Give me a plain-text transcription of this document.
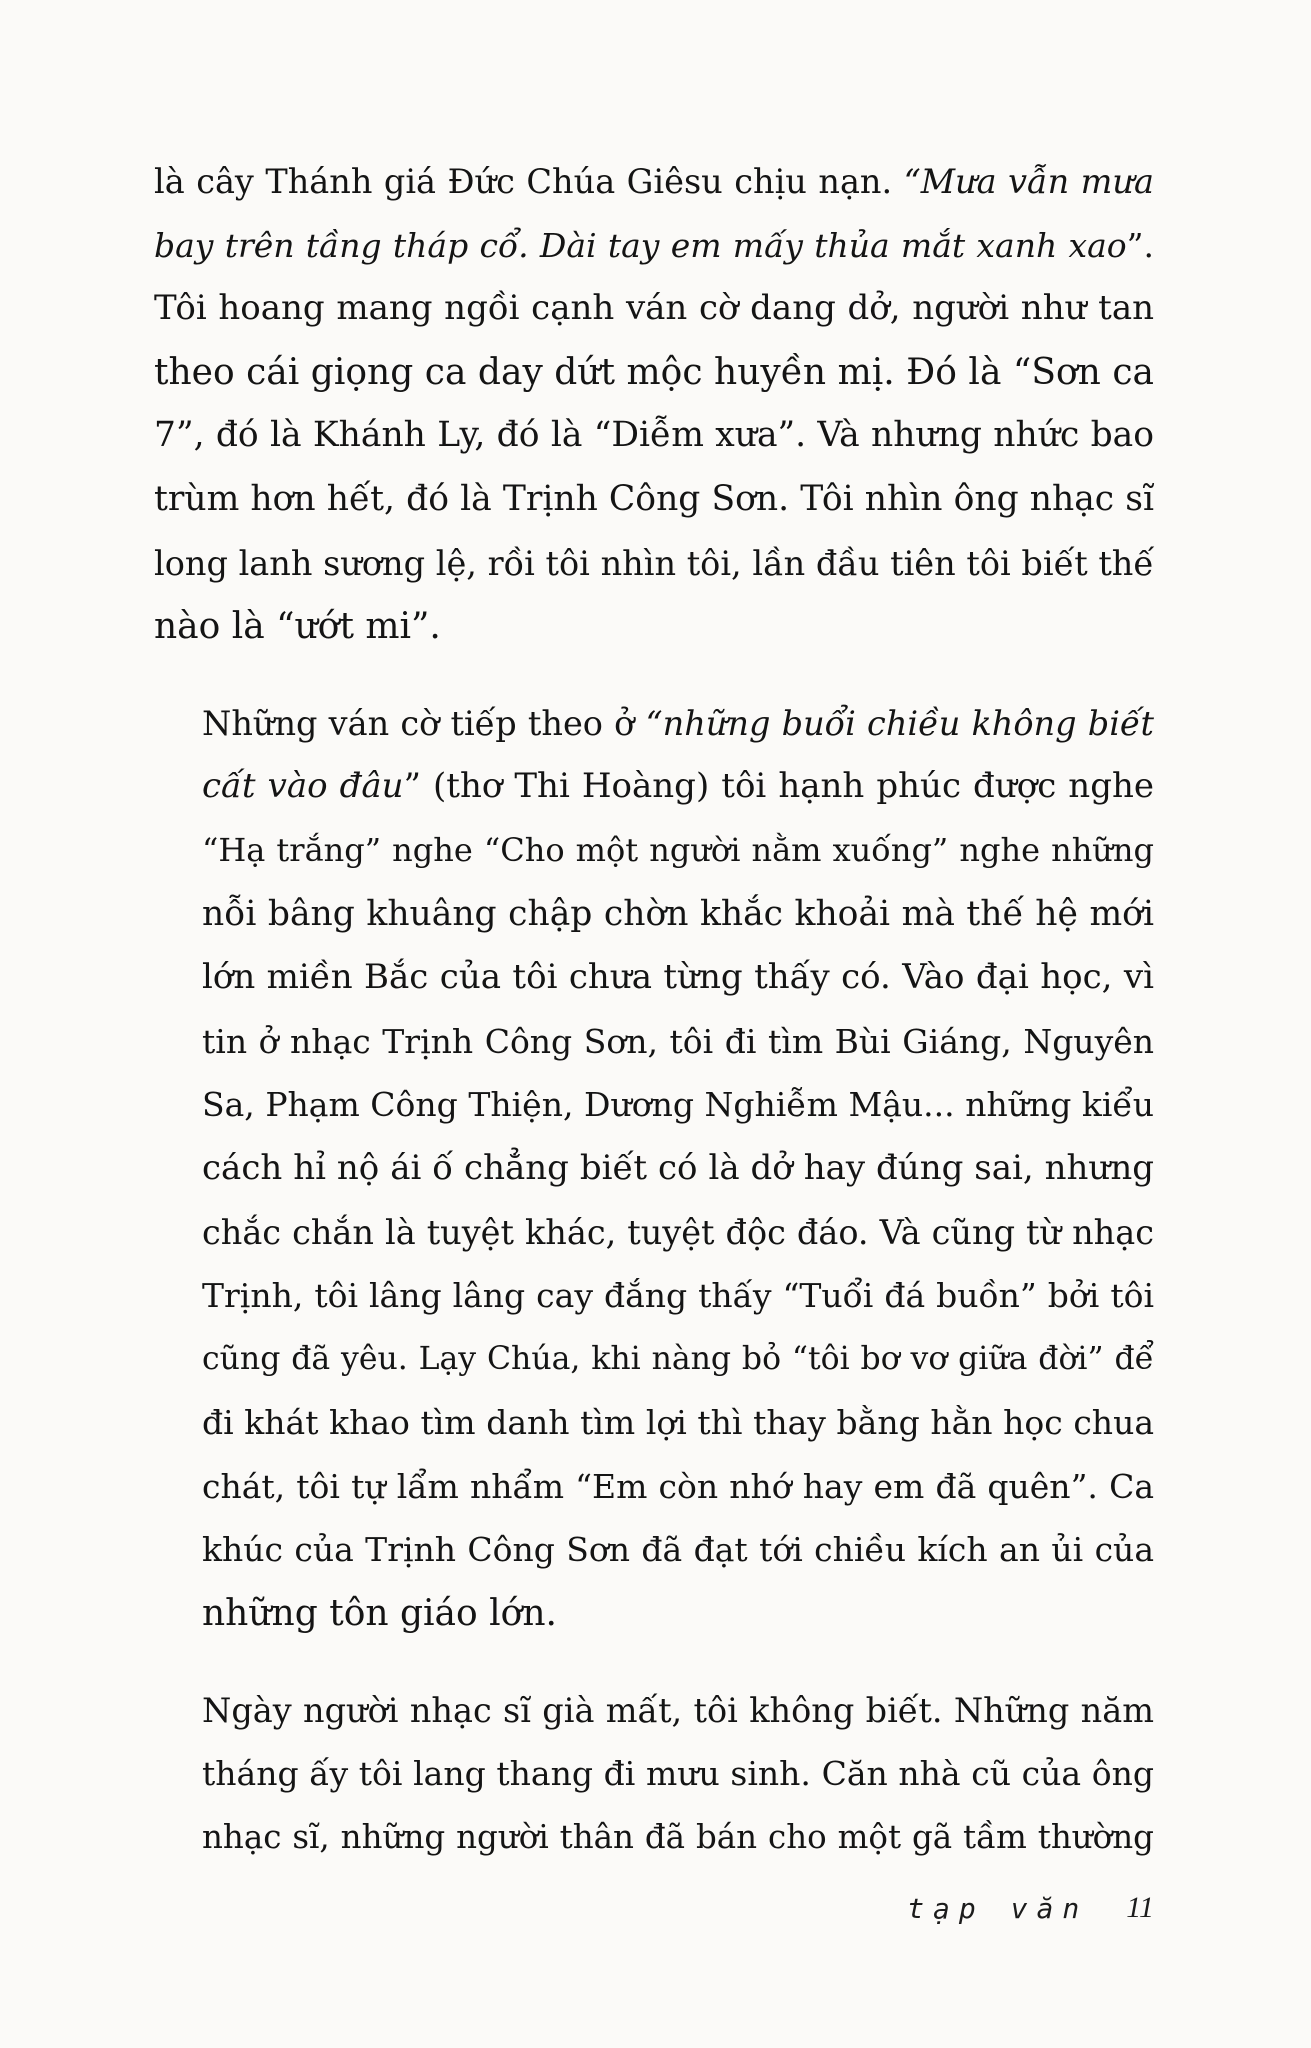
là cây Thánh giá Đức Chúa Giêsu chịu nạn. “Mưa vẫn mưa
bay trên tầng tháp cổ. Dài tay em mấy thủa mắt xanh xao”.
Tôi hoang mang ngồi cạnh ván cờ dang dở, người như tan
theo cái giọng ca day dứt mộc huyền mị. Đó là “Sơn ca
7”, đó là Khánh Ly, đó là “Diễm xưa”. Và nhưng nhức bao
trùm hơn hết, đó là Trịnh Công Sơn. Tôi nhìn ông nhạc sĩ
long lanh sương lệ, rồi tôi nhìn tôi, lần đầu tiên tôi biết thế
nào là “ướt mi”.

Những ván cờ tiếp theo ở “những buổi chiều không biết
cất vào đâu” (thơ Thi Hoàng) tôi hạnh phúc được nghe
“Hạ trắng” nghe “Cho một người nằm xuống” nghe những
nỗi bâng khuâng chập chờn khắc khoải mà thế hệ mới
lớn miền Bắc của tôi chưa từng thấy có. Vào đại học, vì
tin ở nhạc Trịnh Công Sơn, tôi đi tìm Bùi Giáng, Nguyên
Sa, Phạm Công Thiện, Dương Nghiễm Mậu... những kiểu
cách hỉ nộ ái ố chẳng biết có là dở hay đúng sai, nhưng
chắc chắn là tuyệt khác, tuyệt độc đáo. Và cũng từ nhạc
Trịnh, tôi lâng lâng cay đắng thấy “Tuổi đá buồn” bởi tôi
cũng đã yêu. Lạy Chúa, khi nàng bỏ “tôi bơ vơ giữa đời” để
đi khát khao tìm danh tìm lợi thì thay bằng hằn học chua
chát, tôi tự lẩm nhẩm “Em còn nhớ hay em đã quên”. Ca
khúc của Trịnh Công Sơn đã đạt tới chiều kích an ủi của
những tôn giáo lớn.

Ngày người nhạc sĩ già mất, tôi không biết. Những năm
tháng ấy tôi lang thang đi mưu sinh. Căn nhà cũ của ông
nhạc sĩ, những người thân đã bán cho một gã tầm thường

tạp văn 11
